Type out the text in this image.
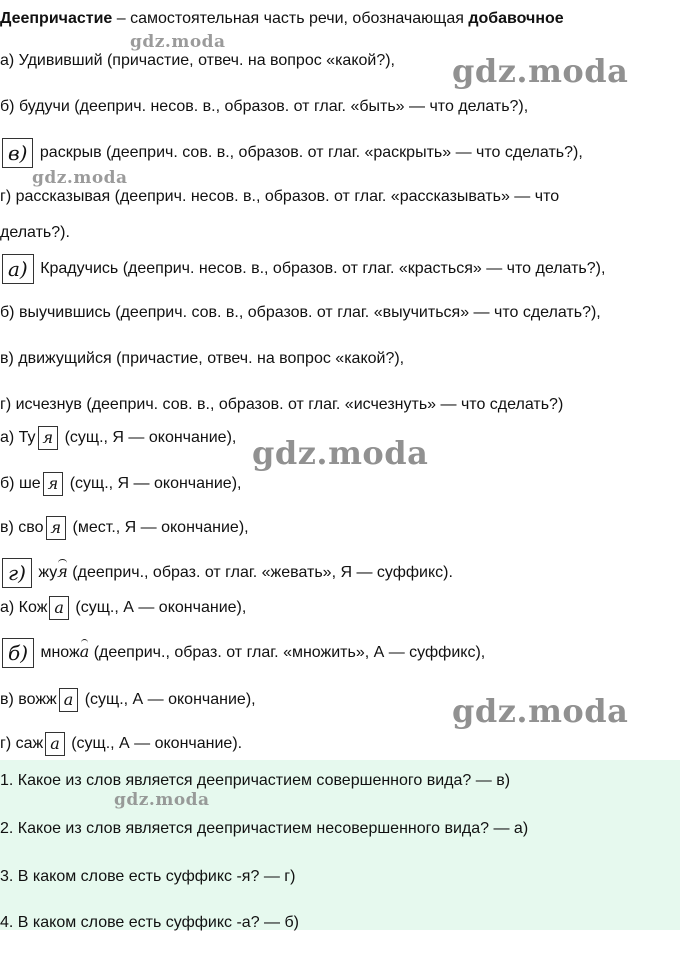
Деепричастие – самостоятельная часть речи, обозначающая добавочное
а) Удививший (причастие, отвеч. на вопрос «какой?),
б) будучи (дееприч. несов. в., образов. от глаг. «быть» — что делать?),
в) раскрыв (дееприч. сов. в., образов. от глаг. «раскрыть» — что сделать?),
г) рассказывая (дееприч. несов. в., образов. от глаг. «рассказывать» — что
делать?).
а) Крадучись (дееприч. несов. в., образов. от глаг. «красться» — что делать?),
б) выучившись (дееприч. сов. в., образов. от глаг. «выучиться» — что сделать?),
в) движущийся (причастие, отвеч. на вопрос «какой?),
г) исчезнув (дееприч. сов. в., образов. от глаг. «исчезнуть» — что сделать?)
а) Ту я (сущ., Я — окончание),
б) ше я (сущ., Я — окончание),
в) сво я (мест., Я — окончание),
г) жуя (дееприч., образ. от глаг. «жевать», Я — суффикс).
а) Кож а (сущ., А — окончание),
б) множа (дееприч., образ. от глаг. «множить», А — суффикс),
в) вожж а (сущ., А — окончание),
г) саж а (сущ., А — окончание).
1. Какое из слов является деепричастием совершенного вида? — в)
2. Какое из слов является деепричастием несовершенного вида? — а)
3. В каком слове есть суффикс -я? — г)
4. В каком слове есть суффикс -а? — б)
gdz.moda
gdz.moda
gdz.moda
gdz.moda
gdz.moda
gdz.moda
